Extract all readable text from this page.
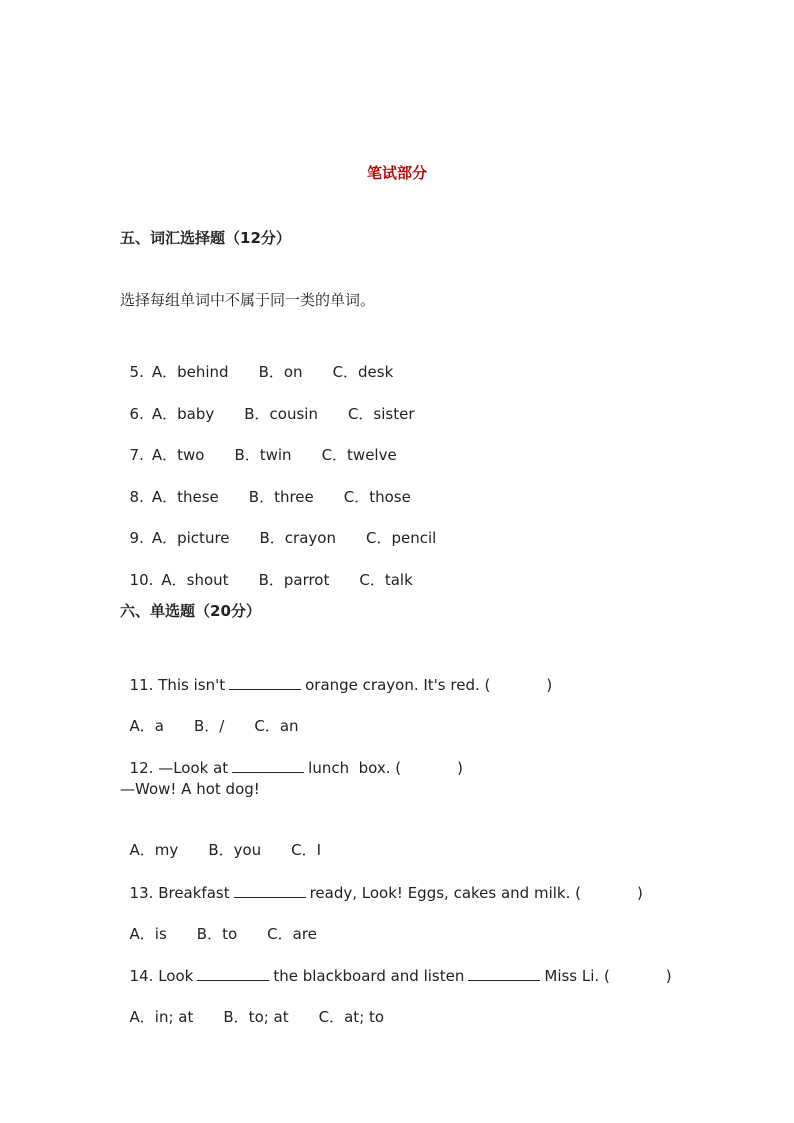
笔试部分
五、词汇选择题（12分）
选择每组单词中不属于同一类的单词。

5. A．behind B．on C．desk

6. A．baby B．cousin C．sister

7. A．two B．twin C．twelve

8. A．these B．three C．those

9. A．picture B．crayon C．pencil

10. A．shout B．parrot C．talk

六、单选题（20分）

11. This isn't	orange crayon. It's red. (	)

A．a B．/ C．an

12. —Look at	lunch  box. (	)

—Wow! A hot dog!

A．my B．you C．I

13. Breakfast	ready, Look! Eggs, cakes and milk. (	)

A．is B．to C．are

14. Look	the blackboard and listen	Miss Li. (	)

A．in; at B．to; at C．at; to
